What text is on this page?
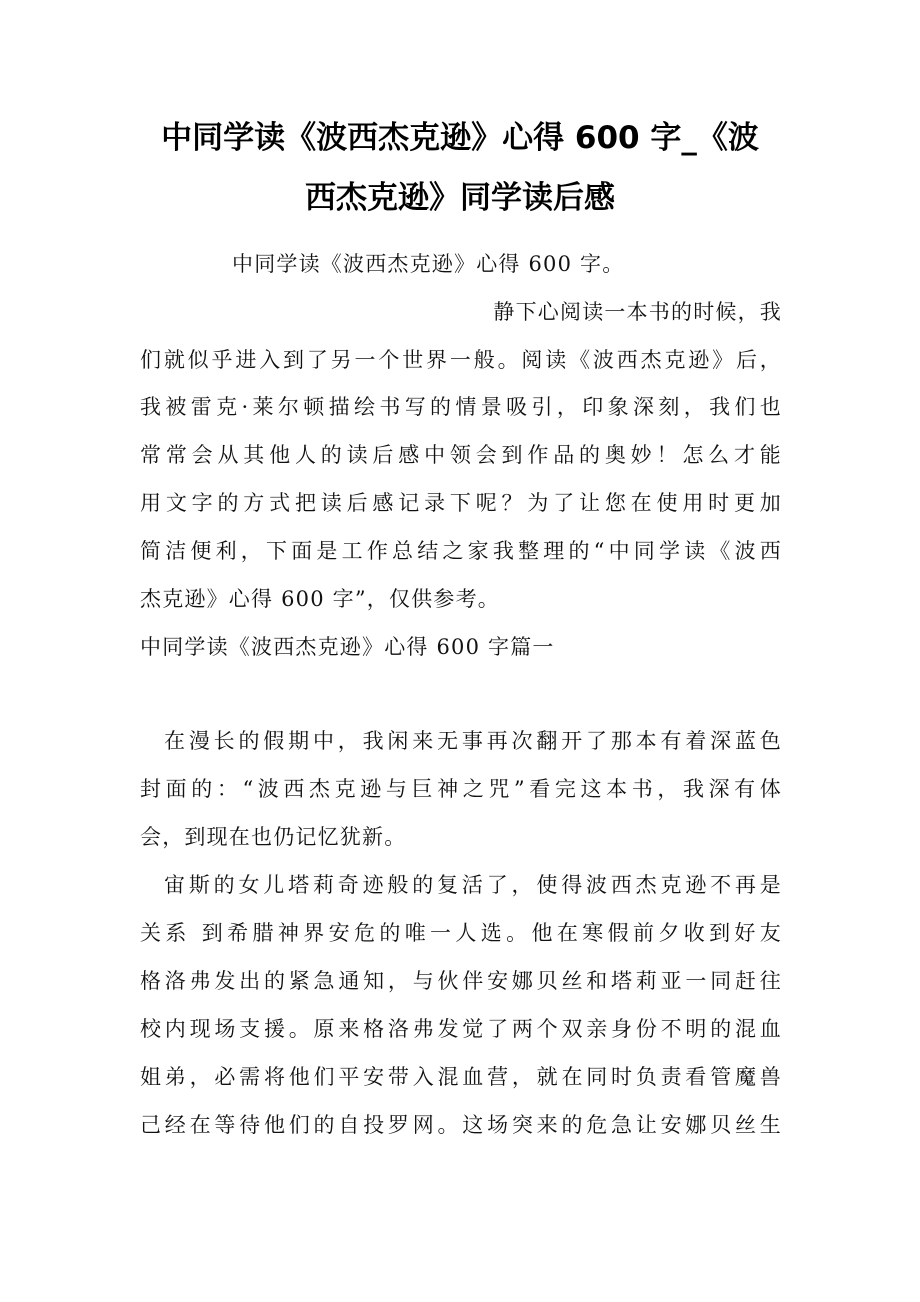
中同学读《波西杰克逊》心得 600 字_《波
西杰克逊》同学读后感
中同学读《波西杰克逊》心得 600 字。
静下心阅读一本书的时候，我
们就似乎进入到了另一个世界一般。阅读《波西杰克逊》后，
我被雷克·莱尔顿描绘书写的情景吸引，印象深刻，我们也
常常会从其他人的读后感中领会到作品的奥妙！怎么才能
用文字的方式把读后感记录下呢？为了让您在使用时更加
简洁便利，下面是工作总结之家我整理的“中同学读《波西
杰克逊》心得 600 字”，仅供参考。
中同学读《波西杰克逊》心得 600 字篇一
在漫长的假期中，我闲来无事再次翻开了那本有着深蓝色
封面的：“波西杰克逊与巨神之咒”看完这本书，我深有体
会，到现在也仍记忆犹新。
宙斯的女儿塔莉奇迹般的复活了，使得波西杰克逊不再是
关系 到希腊神界安危的唯一人选。他在寒假前夕收到好友
格洛弗发出的紧急通知，与伙伴安娜贝丝和塔莉亚一同赶往
校内现场支援。原来格洛弗发觉了两个双亲身份不明的混血
姐弟，必需将他们平安带入混血营，就在同时负责看管魔兽
己经在等待他们的自投罗网。这场突来的危急让安娜贝丝生
